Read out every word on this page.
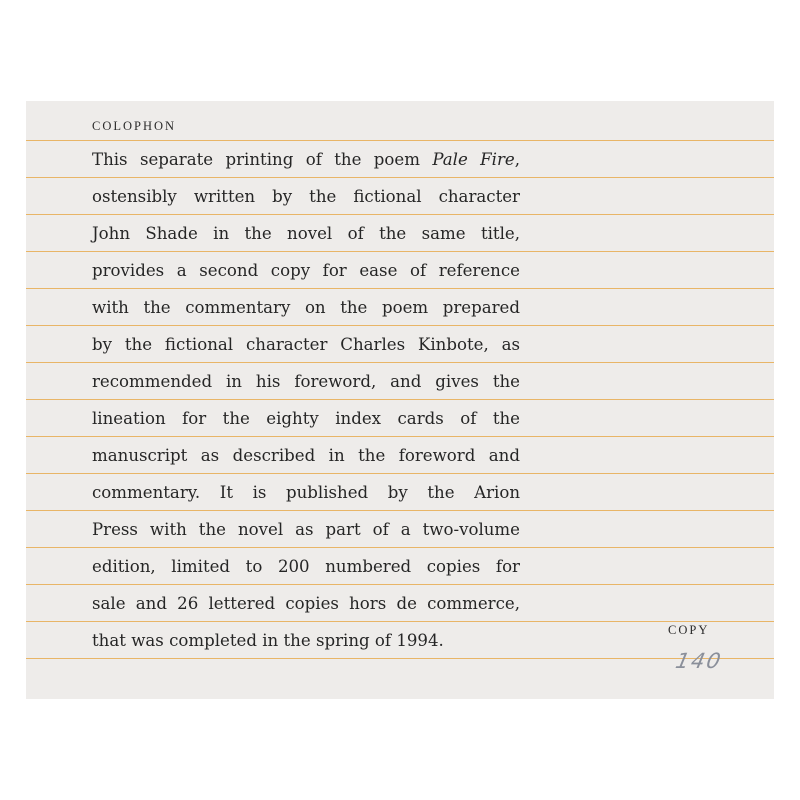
COLOPHON
This separate printing of the poem Pale Fire,
ostensibly written by the fictional character
John Shade in the novel of the same title,
provides a second copy for ease of reference
with the commentary on the poem prepared
by the fictional character Charles Kinbote, as
recommended in his foreword, and gives the
lineation for the eighty index cards of the
manuscript as described in the foreword and
commentary. It is published by the Arion
Press with the novel as part of a two-volume
edition, limited to 200 numbered copies for
sale and 26 lettered copies hors de commerce,
that was completed in the spring of 1994.
COPY
140
